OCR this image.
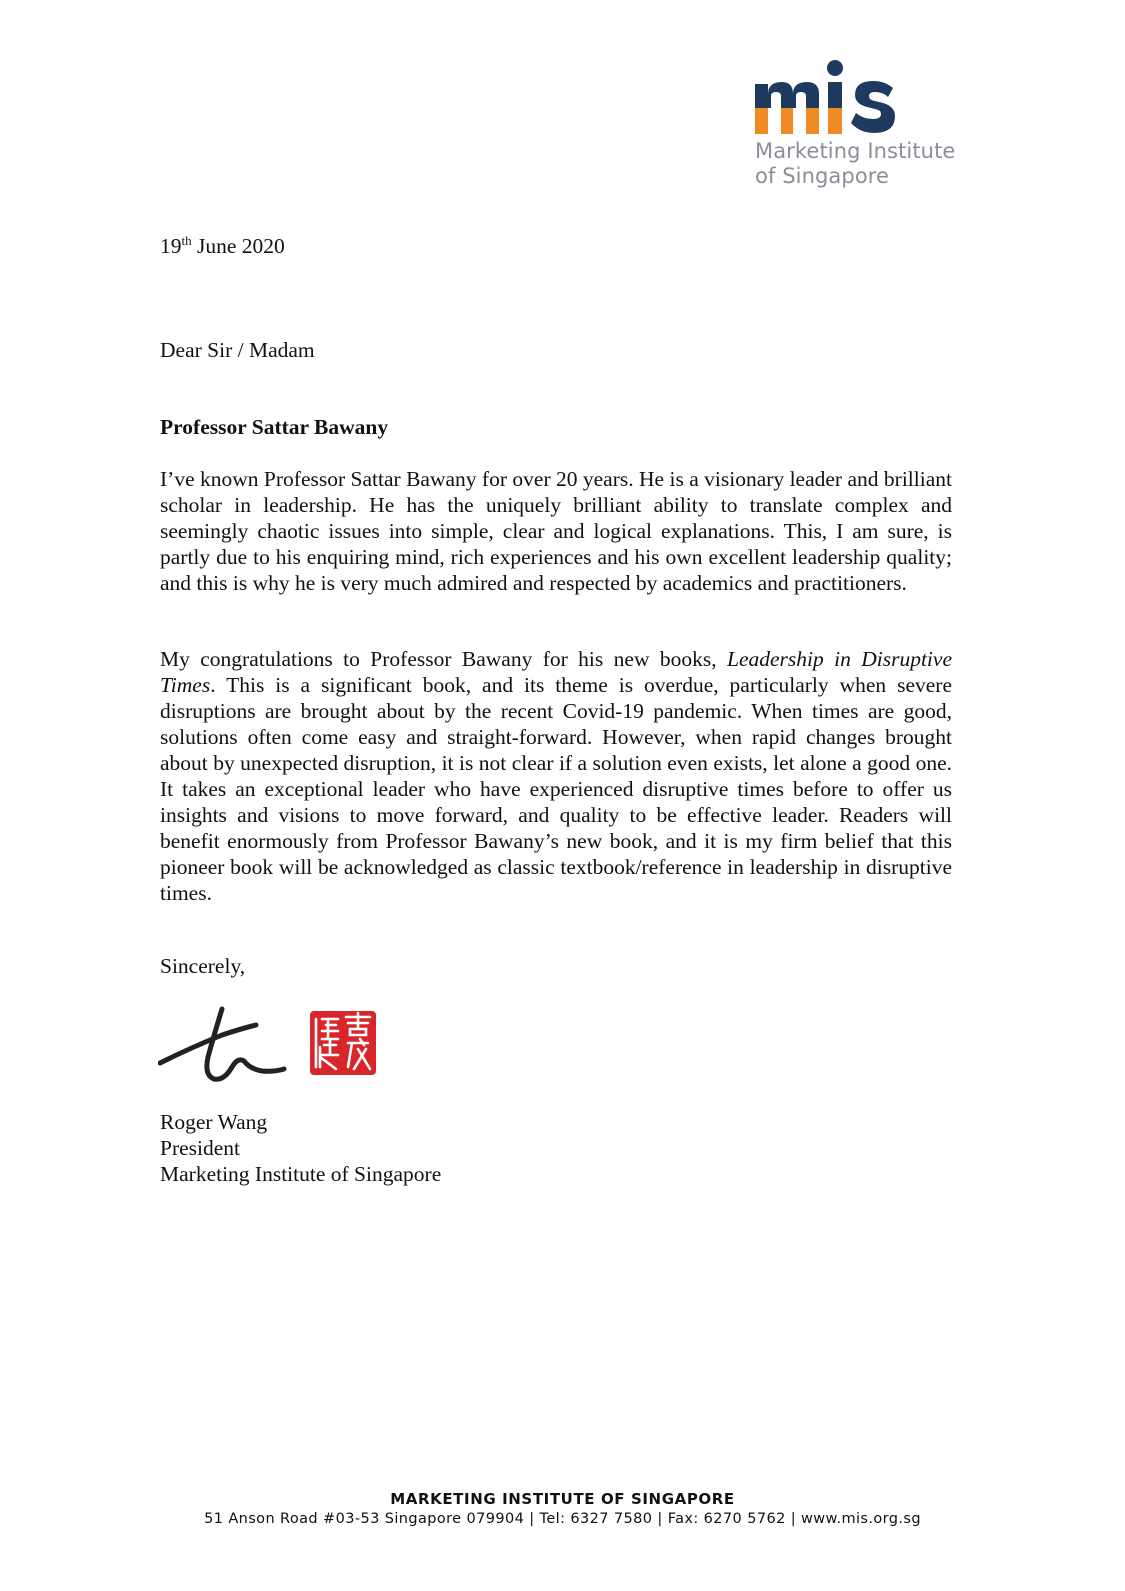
Marketing Institute
of Singapore
19th June 2020
Dear Sir / Madam
Professor Sattar Bawany

I’ve known Professor Sattar Bawany for over 20 years. He is a visionary leader and brilliant scholar in leadership. He has the uniquely brilliant ability to translate complex and seemingly chaotic issues into simple, clear and logical explanations. This, I am sure, is partly due to his enquiring mind, rich experiences and his own excellent leadership quality; and this is why he is very much admired and respected by academics and practitioners.

My congratulations to Professor Bawany for his new books, Leadership in Disruptive Times. This is a significant book, and its theme is overdue, particularly when severe disruptions are brought about by the recent Covid-19 pandemic. When times are good, solutions often come easy and straight-forward. However, when rapid changes brought about by unexpected disruption, it is not clear if a solution even exists, let alone a good one. It takes an exceptional leader who have experienced disruptive times before to offer us insights and visions to move forward, and quality to be effective leader. Readers will benefit enormously from Professor Bawany’s new book, and it is my firm belief that this pioneer book will be acknowledged as classic textbook/reference in leadership in disruptive times.

Sincerely,
Roger Wang
President
Marketing Institute of Singapore
MARKETING INSTITUTE OF SINGAPORE
51 Anson Road #03-53 Singapore 079904 | Tel: 6327 7580 | Fax: 6270 5762 | www.mis.org.sg
